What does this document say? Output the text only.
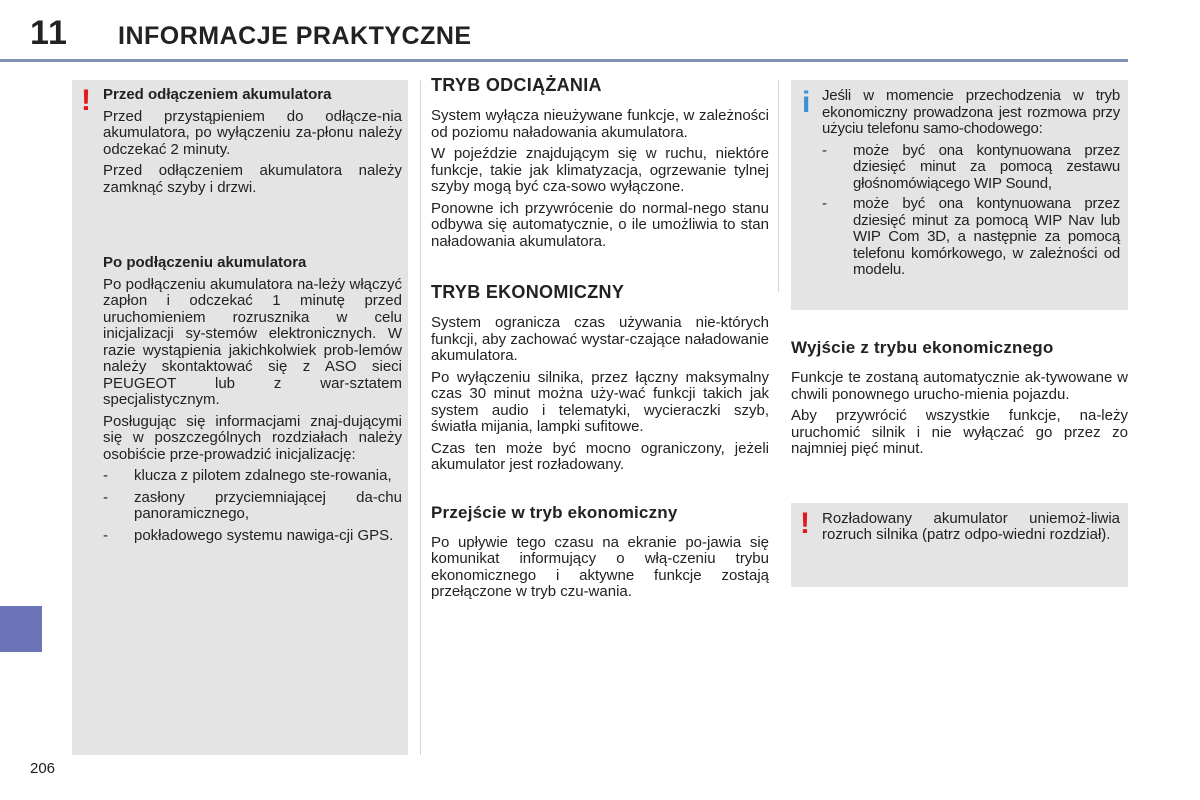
11 INFORMACJE PRAKTYCZNE
206
! Przed odłączeniem akumulatora

Przed przystąpieniem do odłącze-nia akumulatora, po wyłączeniu za-płonu należy odczekać 2 minuty.

Przed odłączeniem akumulatora należy zamknąć szyby i drzwi.

Po podłączeniu akumulatora

Po podłączeniu akumulatora na-leży włączyć zapłon i odczekać 1 minutę przed uruchomieniem rozrusznika w celu inicjalizacji sy-stemów elektronicznych. W razie wystąpienia jakichkolwiek prob-lemów należy skontaktować się z ASO sieci PEUGEOT lub z war-sztatem specjalistycznym.

Posługując się informacjami znaj-dującymi się w poszczególnych rozdziałach należy osobiście prze-prowadzić inicjalizację:

- klucza z pilotem zdalnego ste-rowania,
- zasłony przyciemniającej da-chu panoramicznego,
- pokładowego systemu nawiga-cji GPS.
TRYB ODCIĄŻANIA

System wyłącza nieużywane funkcje, w zależności od poziomu naładowania akumulatora.

W pojeździe znajdującym się w ruchu, niektóre funkcje, takie jak klimatyzacja, ogrzewanie tylnej szyby mogą być cza-sowo wyłączone.

Ponowne ich przywrócenie do normal-nego stanu odbywa się automatycznie, o ile umożliwia to stan naładowania akumulatora.

TRYB EKONOMICZNY

System ogranicza czas używania nie-których funkcji, aby zachować wystar-czające naładowanie akumulatora.

Po wyłączeniu silnika, przez łączny maksymalny czas 30 minut można uży-wać funkcji takich jak system audio i telematyki, wycieraczki szyb, światła mijania, lampki sufitowe.

Czas ten może być mocno ograniczony, jeżeli akumulator jest rozładowany.

Przejście w tryb ekonomiczny

Po upływie tego czasu na ekranie po-jawia się komunikat informujący o włą-czeniu trybu ekonomicznego i aktywne funkcje zostają przełączone w tryb czu-wania.

i Jeśli w momencie przechodzenia w tryb ekonomiczny prowadzona jest rozmowa przy użyciu telefonu samo-chodowego:

- może być ona kontynuowana przez dziesięć minut za pomocą zestawu głośnomówiącego WIP Sound,
- może być ona kontynuowana przez dziesięć minut za pomocą WIP Nav lub WIP Com 3D, a następnie za pomocą telefonu komórkowego, w zależności od modelu.
Wyjście z trybu ekonomicznego

Funkcje te zostaną automatycznie ak-tywowane w chwili ponownego urucho-mienia pojazdu.

Aby przywrócić wszystkie funkcje, na-leży uruchomić silnik i nie wyłączać go przez zo najmniej pięć minut.

! Rozładowany akumulator uniemoż-liwia rozruch silnika (patrz odpo-wiedni rozdział).
